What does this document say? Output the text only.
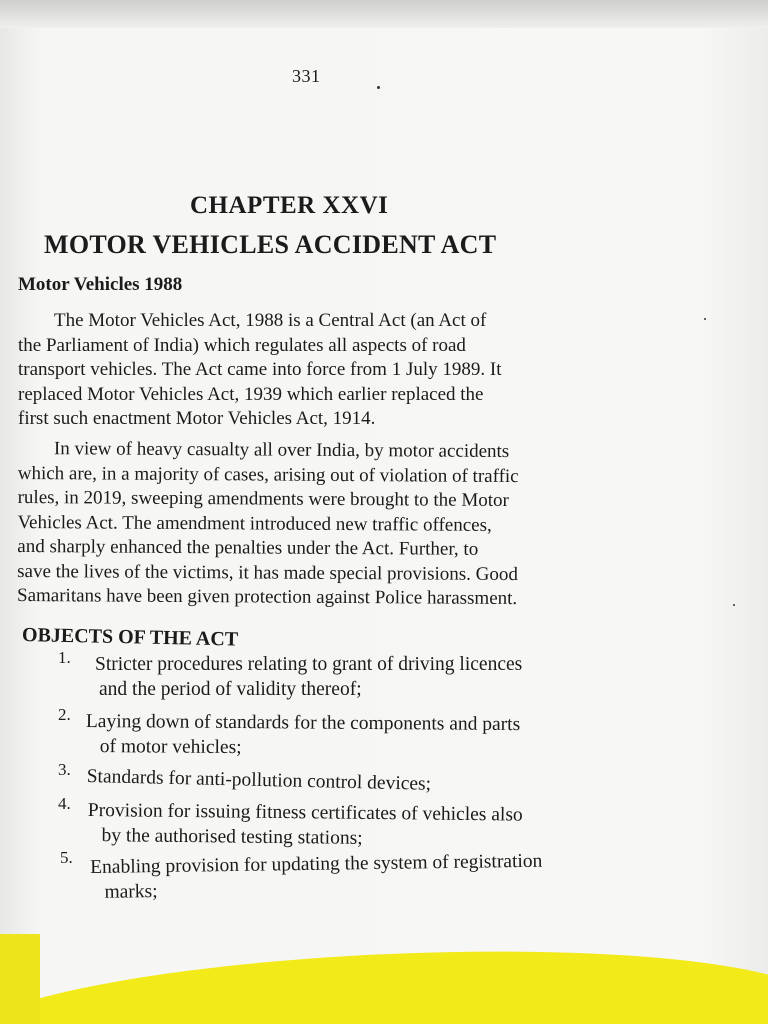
331
CHAPTER XXVI
MOTOR VEHICLES ACCIDENT ACT
Motor Vehicles 1988
The Motor Vehicles Act, 1988 is a Central Act (an Act of
the Parliament of India) which regulates all aspects of road
transport vehicles. The Act came into force from 1 July 1989. It
replaced Motor Vehicles Act, 1939 which earlier replaced the
first such enactment Motor Vehicles Act, 1914.
In view of heavy casualty all over India, by motor accidents
which are, in a majority of cases, arising out of violation of traffic
rules, in 2019, sweeping amendments were brought to the Motor
Vehicles Act. The amendment introduced new traffic offences,
and sharply enhanced the penalties under the Act. Further, to
save the lives of the victims, it has made special provisions. Good
Samaritans have been given protection against Police harassment.
OBJECTS OF THE ACT
1. Stricter procedures relating to grant of driving licences
and the period of validity thereof;
2. Laying down of standards for the components and parts
of motor vehicles;
3. Standards for anti-pollution control devices;
4. Provision for issuing fitness certificates of vehicles also
by the authorised testing stations;
5. Enabling provision for updating the system of registration
marks;
